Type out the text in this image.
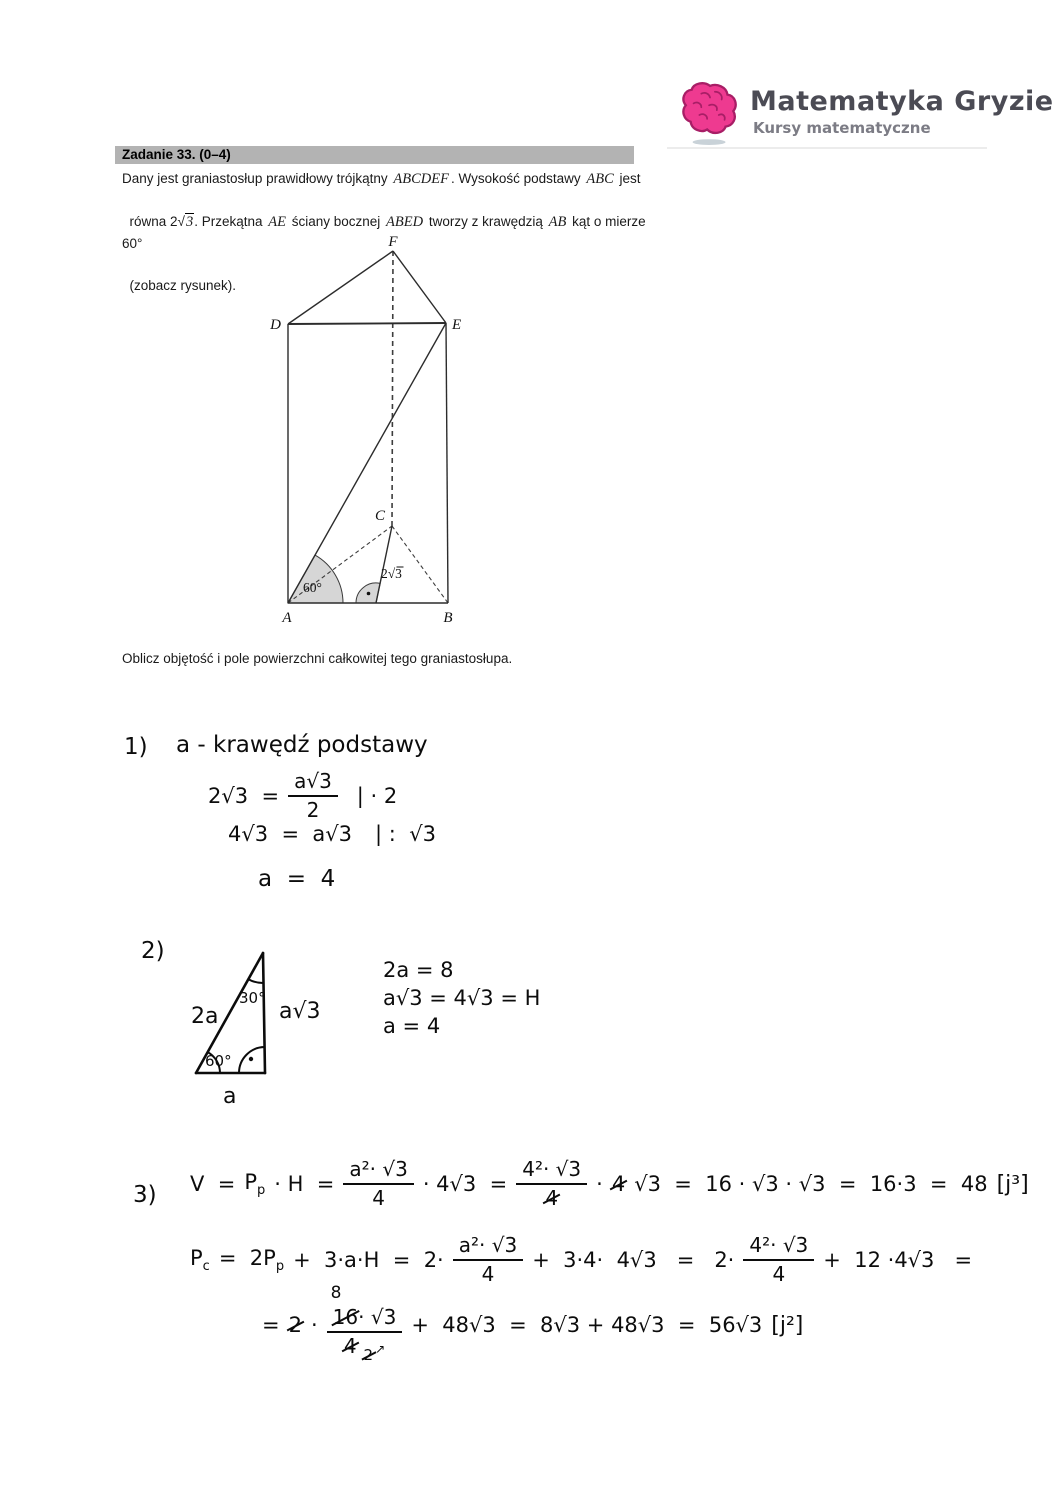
Matematyka Gryzie
Kursy matematyczne
Zadanie 33. (0–4)

Dany jest graniastosłup prawidłowy trójkątny ABCDEF . Wysokość podstawy ABC jest

równa 2√3. Przekątna AE ściany bocznej ABED tworzy z krawędzią AB kąt o mierze 60°

(zobacz rysunek).

F
D	E
A	B
C
2√3
60°

Oblicz objętość i pole powierzchni całkowitej tego graniastosłupa.

1) a - krawędź podstawy
$2√3 = \frac{a√3}{2}$ | · 2
4√3  =  a√3 | :  √3
a  =  4
2)
2a
30°
60°
a√3
a
2a = 8
a√3 = 4√3 = H
a = 4
3) $V = P_p \cdot H = \frac{\text{a²· √3}}{4} \cdot 4√3 = \frac{\text{4²· √3}}{4} \cdot 4$ √3  =  16 · √3 · √3  =  16·3  =  48 [j³]
$P_c = 2P_p + 3\cdot a\cdot H = 2\cdot \frac{\text{a²· √3}}{4} + 3\cdot 4\cdot 4√3 = 2\cdot \frac{\text{4²· √3}}{4} + 12 \cdot 4√3$   =
= 2 ·
8
16· √3
4 2 ↗
+  48√3  =  8√3 + 48√3  =  56√3 [j²]
